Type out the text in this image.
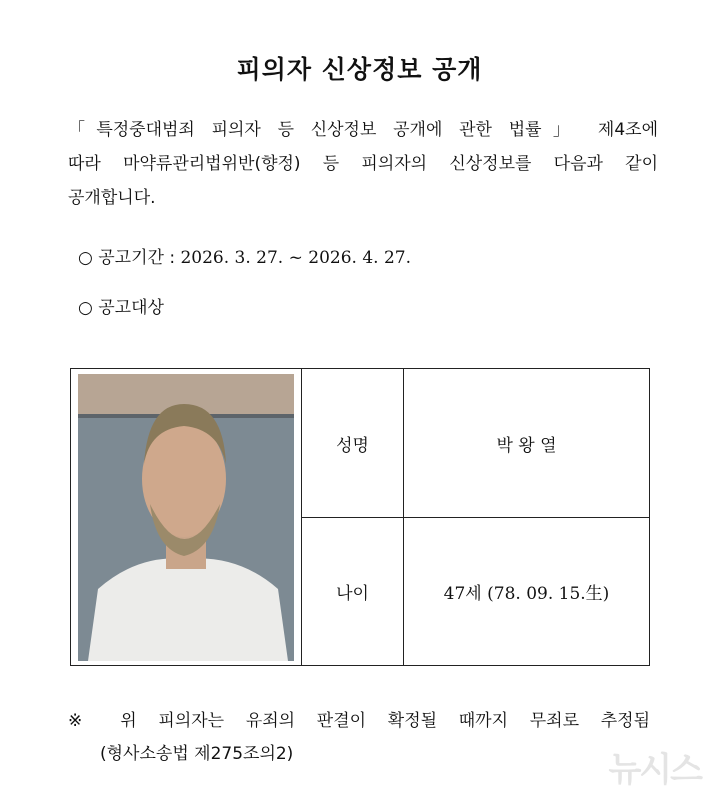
피의자 신상정보 공개
「특정중대범죄 피의자 등 신상정보 공개에 관한 법률」 제4조에
따라 마약류관리법위반(향정) 등 피의자의 신상정보를 다음과 같이
공개합니다.
○ 공고기간 : 2026. 3. 27. ~ 2026. 4. 27.
○ 공고대상
	성명	박 왕 열
	나이	47세 (78. 09. 15.生)
※ 위 피의자는 유죄의 판결이 확정될 때까지 무죄로 추정됨
(형사소송법 제275조의2)	뉴시스
